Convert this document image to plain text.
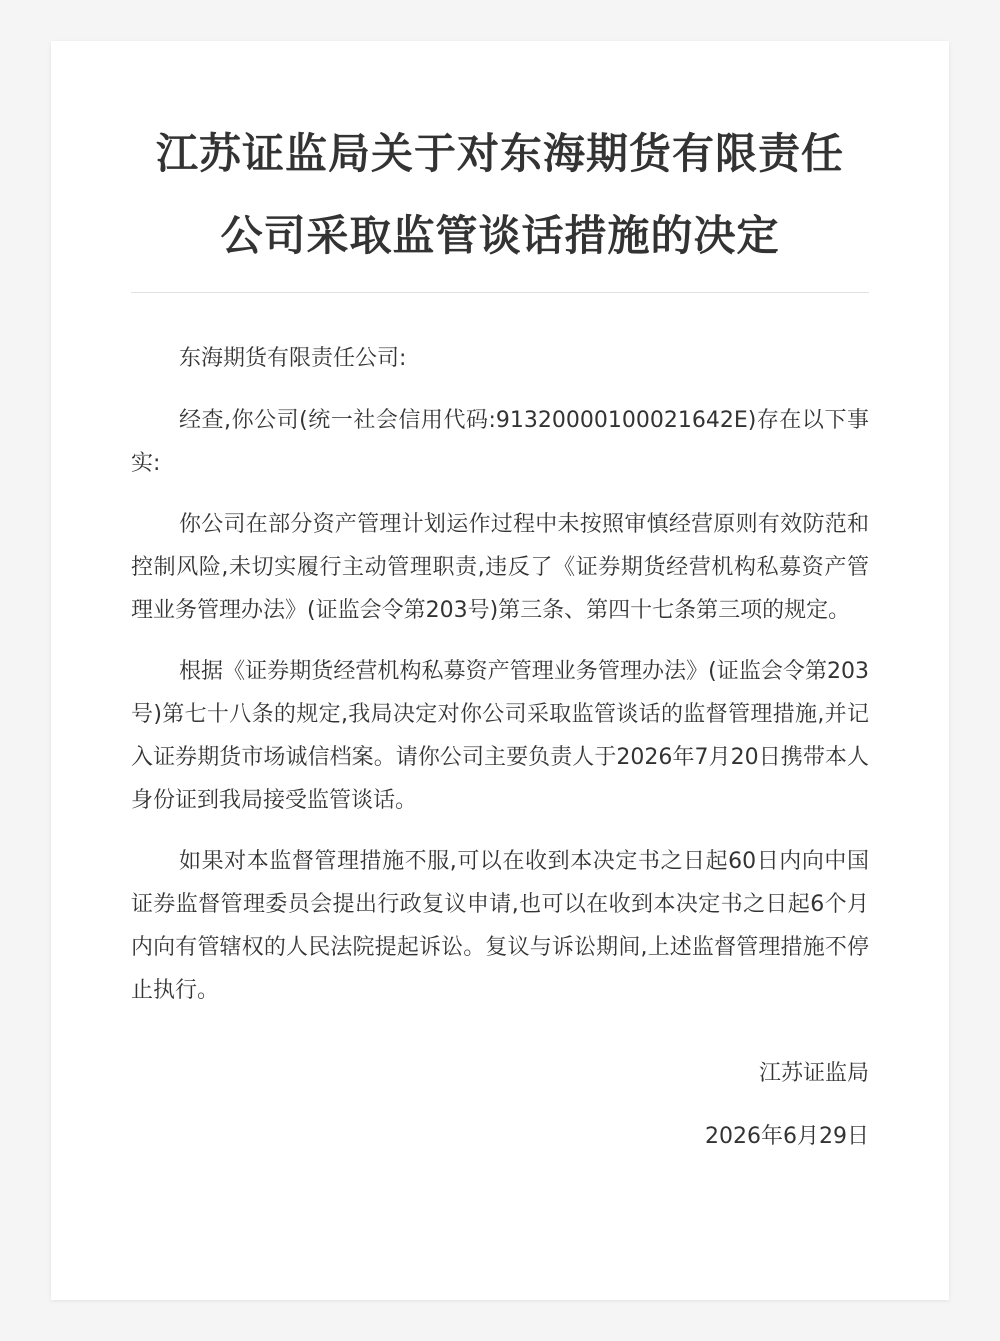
江苏证监局关于对东海期货有限责任
公司采取监管谈话措施的决定

东海期货有限责任公司:

经查,你公司(统一社会信用代码:91320000100021642E)存在以下事实:

你公司在部分资产管理计划运作过程中未按照审慎经营原则有效防范和控制风险,未切实履行主动管理职责,违反了《证券期货经营机构私募资产管理业务管理办法》(证监会令第203号)第三条、第四十七条第三项的规定。

根据《证券期货经营机构私募资产管理业务管理办法》(证监会令第203号)第七十八条的规定,我局决定对你公司采取监管谈话的监督管理措施,并记入证券期货市场诚信档案。请你公司主要负责人于2026年7月20日携带本人身份证到我局接受监管谈话。

如果对本监督管理措施不服,可以在收到本决定书之日起60日内向中国证券监督管理委员会提出行政复议申请,也可以在收到本决定书之日起6个月内向有管辖权的人民法院提起诉讼。复议与诉讼期间,上述监督管理措施不停止执行。

江苏证监局
2026年6月29日
